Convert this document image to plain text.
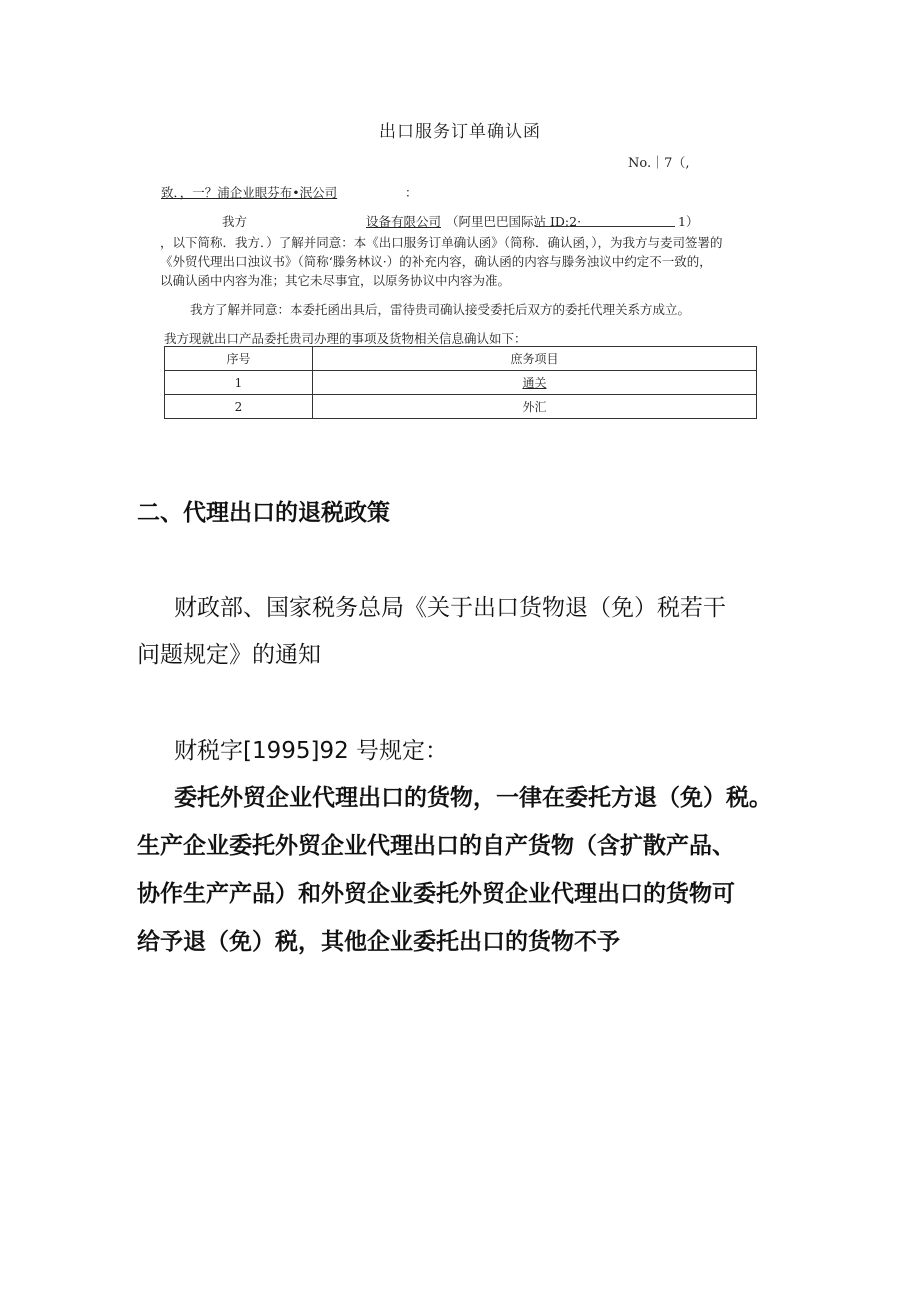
出口服务订单确认函
No.｜7（,
致．，一？浦企业眼芬布•泯公司	：
我方	设备有限公司 （阿里巴巴国际站 ID:2·	1）
，以下简称．我方．）了解并同意：本《出口服务订单确认函》（简称．确认函，），为我方与麦司签署的
《外贸代理出口浊议书》（简称‘滕务林议·）的补充内容，确认函的内容与滕务浊议中约定不一致的，
以确认函中内容为准；其它未尽事宜，以原务协议中内容为准。
我方了解并同意：本委托函出具后，雷待贵司确认接受委托后双方的委托代理关系方成立。
我方现就出口产品委托贵司办理的事项及货物相关信息确认如下：
序号	庶务项目
1	通关
2	外汇
二、代理出口的退税政策
财政部、国家税务总局《关于出口货物退（免）税若干
问题规定》的通知
财税字[1995]92 号规定：
委托外贸企业代理出口的货物，一律在委托方退（免）税。
生产企业委托外贸企业代理出口的自产货物（含扩散产品、
协作生产产品）和外贸企业委托外贸企业代理出口的货物可
给予退（免）税，其他企业委托出口的货物不予
